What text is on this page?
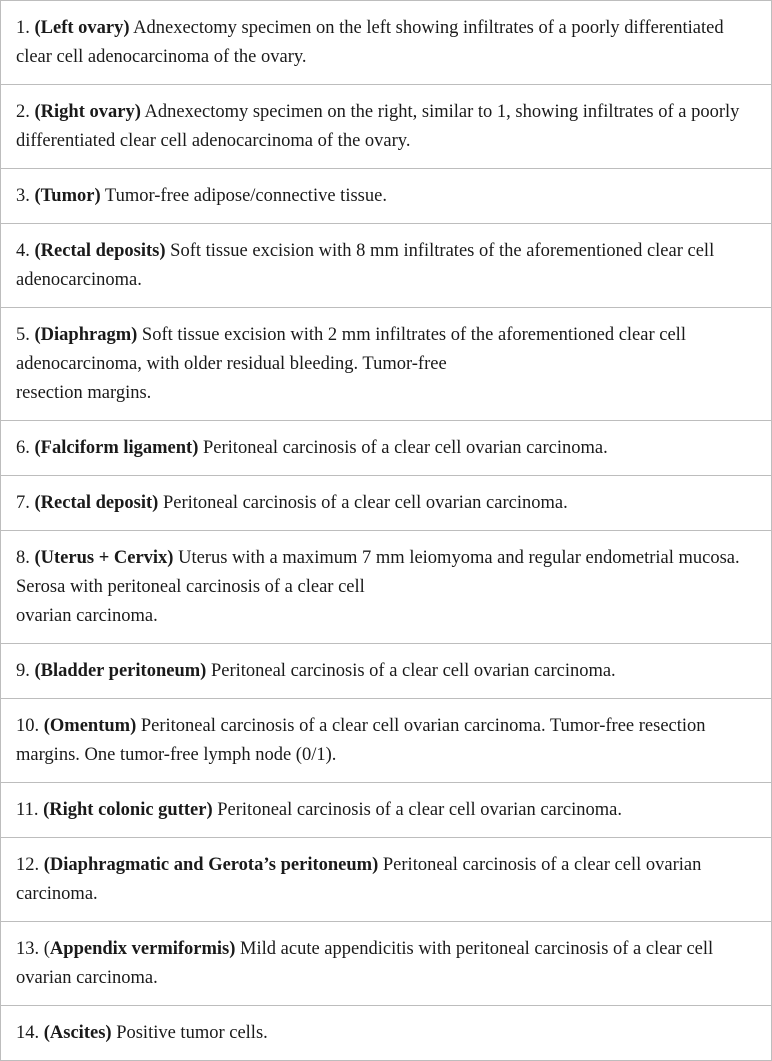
1. (Left ovary) Adnexectomy specimen on the left showing infiltrates of a poorly differentiated clear cell adenocarcinoma of the ovary.
2. (Right ovary) Adnexectomy specimen on the right, similar to 1, showing infiltrates of a poorly differentiated clear cell adenocarcinoma of the ovary.
3. (Tumor) Tumor-free adipose/connective tissue.
4. (Rectal deposits) Soft tissue excision with 8 mm infiltrates of the aforementioned clear cell adenocarcinoma.
5. (Diaphragm) Soft tissue excision with 2 mm infiltrates of the aforementioned clear cell adenocarcinoma, with older residual bleeding. Tumor-free
resection margins.

6. (Falciform ligament) Peritoneal carcinosis of a clear cell ovarian carcinoma.
7. (Rectal deposit) Peritoneal carcinosis of a clear cell ovarian carcinoma.
8. (Uterus + Cervix) Uterus with a maximum 7 mm leiomyoma and regular endometrial mucosa. Serosa with peritoneal carcinosis of a clear cell
ovarian carcinoma.

9. (Bladder peritoneum) Peritoneal carcinosis of a clear cell ovarian carcinoma.
10. (Omentum) Peritoneal carcinosis of a clear cell ovarian carcinoma. Tumor-free resection margins. One tumor-free lymph node (0/1).
11. (Right colonic gutter) Peritoneal carcinosis of a clear cell ovarian carcinoma.
12. (Diaphragmatic and Gerota’s peritoneum) Peritoneal carcinosis of a clear cell ovarian carcinoma.
13. (Appendix vermiformis) Mild acute appendicitis with peritoneal carcinosis of a clear cell ovarian carcinoma.
14. (Ascites) Positive tumor cells.
